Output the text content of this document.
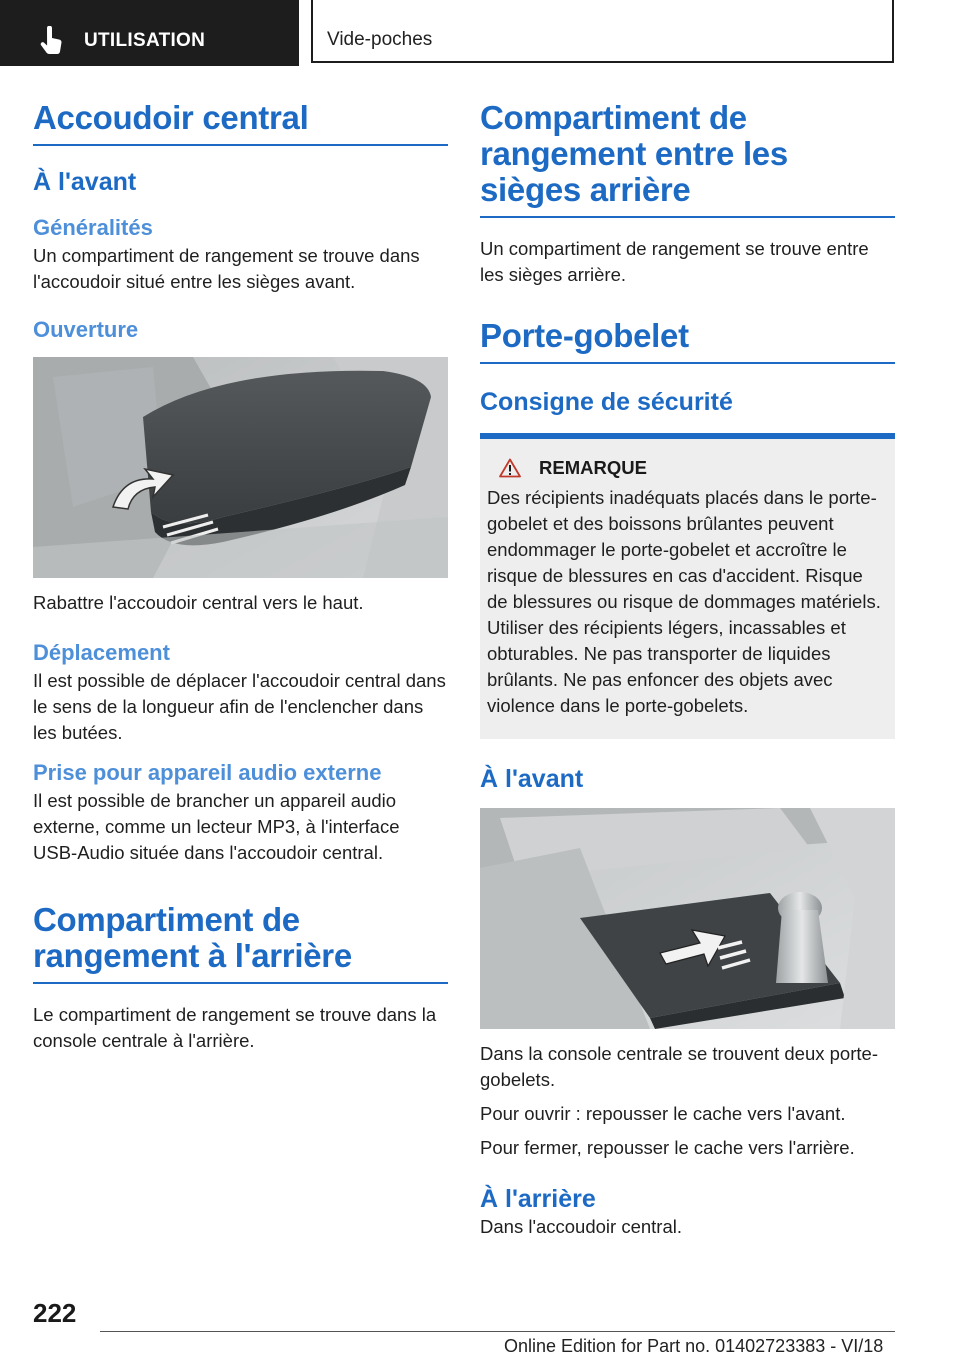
UTILISATION	Vide-poches
Accoudoir central
À l'avant
Généralités

Un compartiment de rangement se trouve dans l'accoudoir situé entre les sièges avant.

Ouverture

Rabattre l'accoudoir central vers le haut.

Déplacement

Il est possible de déplacer l'accoudoir central dans le sens de la longueur afin de l'enclencher dans les butées.

Prise pour appareil audio externe

Il est possible de brancher un appareil audio externe, comme un lecteur MP3, à l'interface USB-Audio située dans l'accoudoir central.

Compartiment de rangement à l'arrière

Le compartiment de rangement se trouve dans la console centrale à l'arrière.

Compartiment de rangement entre les sièges arrière

Un compartiment de rangement se trouve entre les sièges arrière.

Porte-gobelet
Consigne de sécurité
REMARQUE

Des récipients inadéquats placés dans le porte-gobelet et des boissons brûlantes peuvent endommager le porte-gobelet et accroître le risque de blessures en cas d'accident. Risque de blessures ou risque de dommages matériels. Utiliser des récipients légers, incassables et obturables. Ne pas transporter de liquides brûlants. Ne pas enfoncer des objets avec violence dans le porte-gobelets.

À l'avant

Dans la console centrale se trouvent deux porte-gobelets.

Pour ouvrir : repousser le cache vers l'avant.

Pour fermer, repousser le cache vers l'arrière.

À l'arrière

Dans l'accoudoir central.

222
Online Edition for Part no. 01402723383 - VI/18
